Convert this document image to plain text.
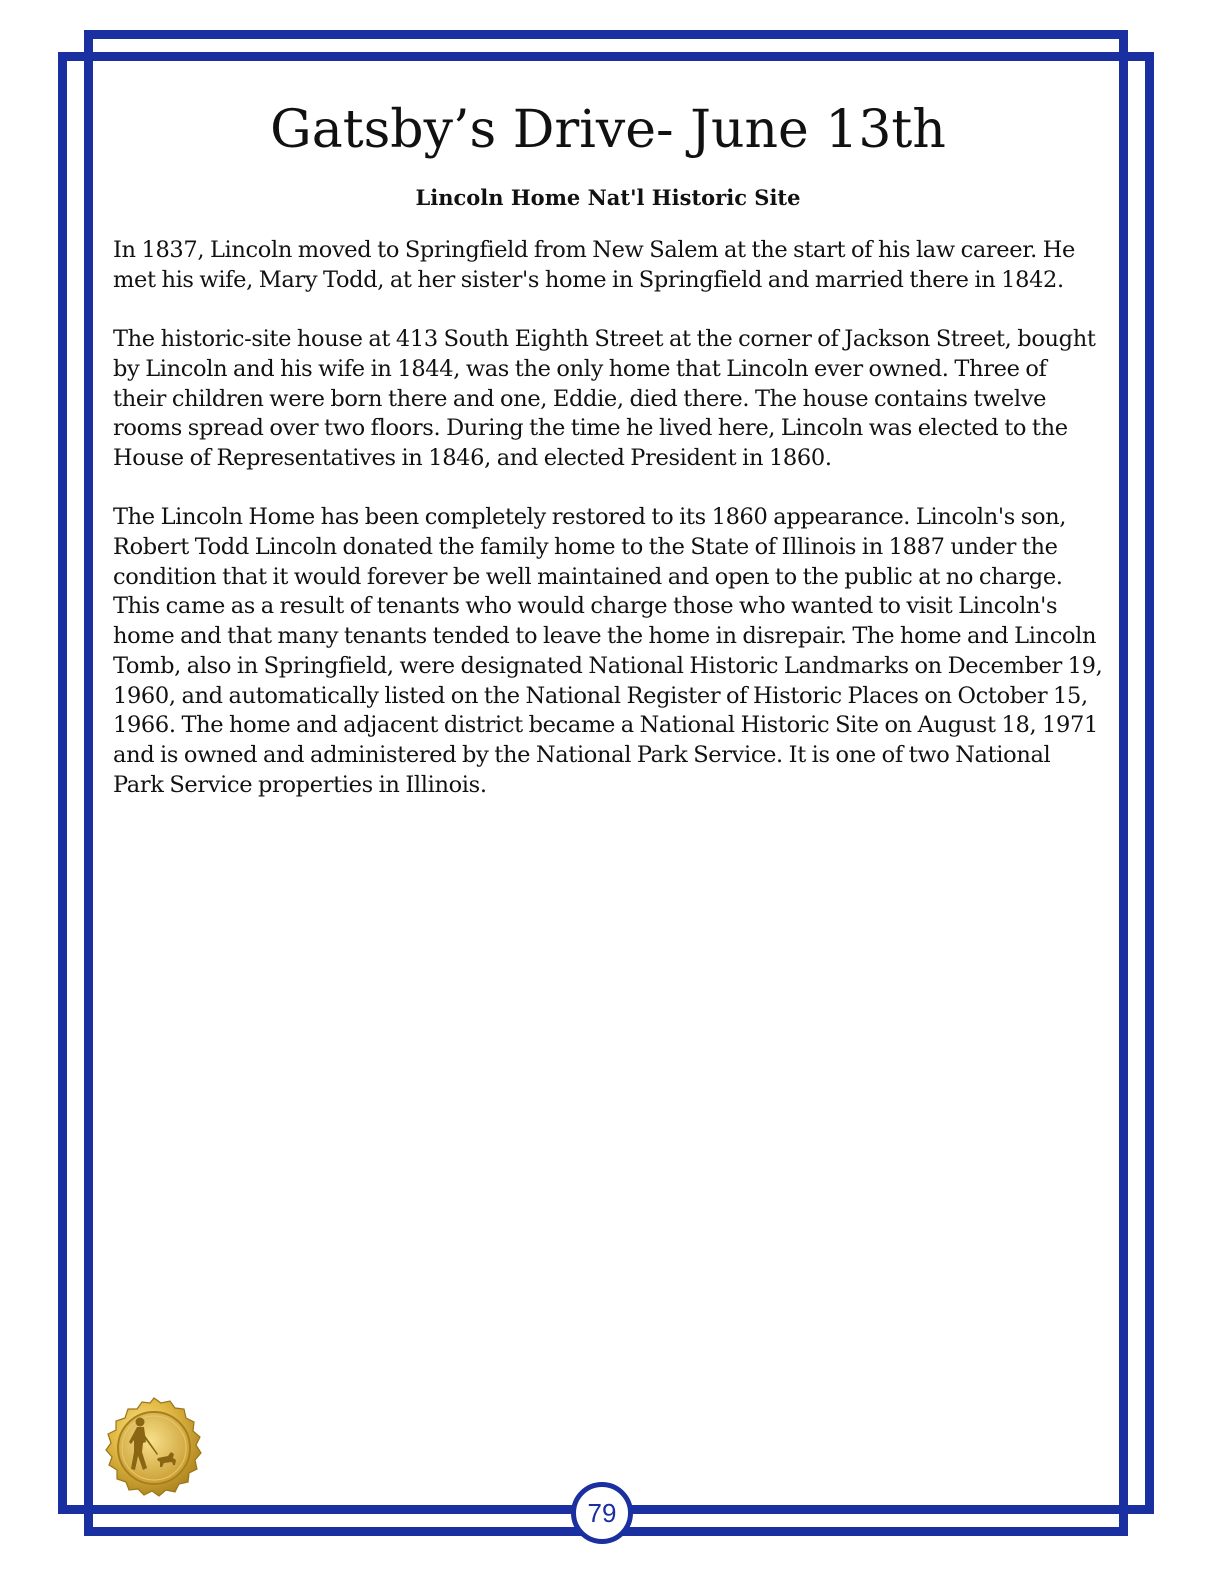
Gatsby’s Drive- June 13th
Lincoln Home Nat'l Historic Site

In 1837, Lincoln moved to Springfield from New Salem at the start of his law career. He met his wife, Mary Todd, at her sister's home in Springfield and married there in 1842.

The historic-site house at 413 South Eighth Street at the corner of Jackson Street, bought by Lincoln and his wife in 1844, was the only home that Lincoln ever owned. Three of their children were born there and one, Eddie, died there. The house contains twelve rooms spread over two floors. During the time he lived here, Lincoln was elected to the House of Representatives in 1846, and elected President in 1860.

The Lincoln Home has been completely restored to its 1860 appearance. Lincoln's son, Robert Todd Lincoln donated the family home to the State of Illinois in 1887 under the condition that it would forever be well maintained and open to the public at no charge. This came as a result of tenants who would charge those who wanted to visit Lincoln's home and that many tenants tended to leave the home in disrepair. The home and Lincoln Tomb, also in Springfield, were designated National Historic Landmarks on December 19, 1960, and automatically listed on the National Register of Historic Places on October 15, 1966. The home and adjacent district became a National Historic Site on August 18, 1971 and is owned and administered by the National Park Service. It is one of two National Park Service properties in Illinois.

79
